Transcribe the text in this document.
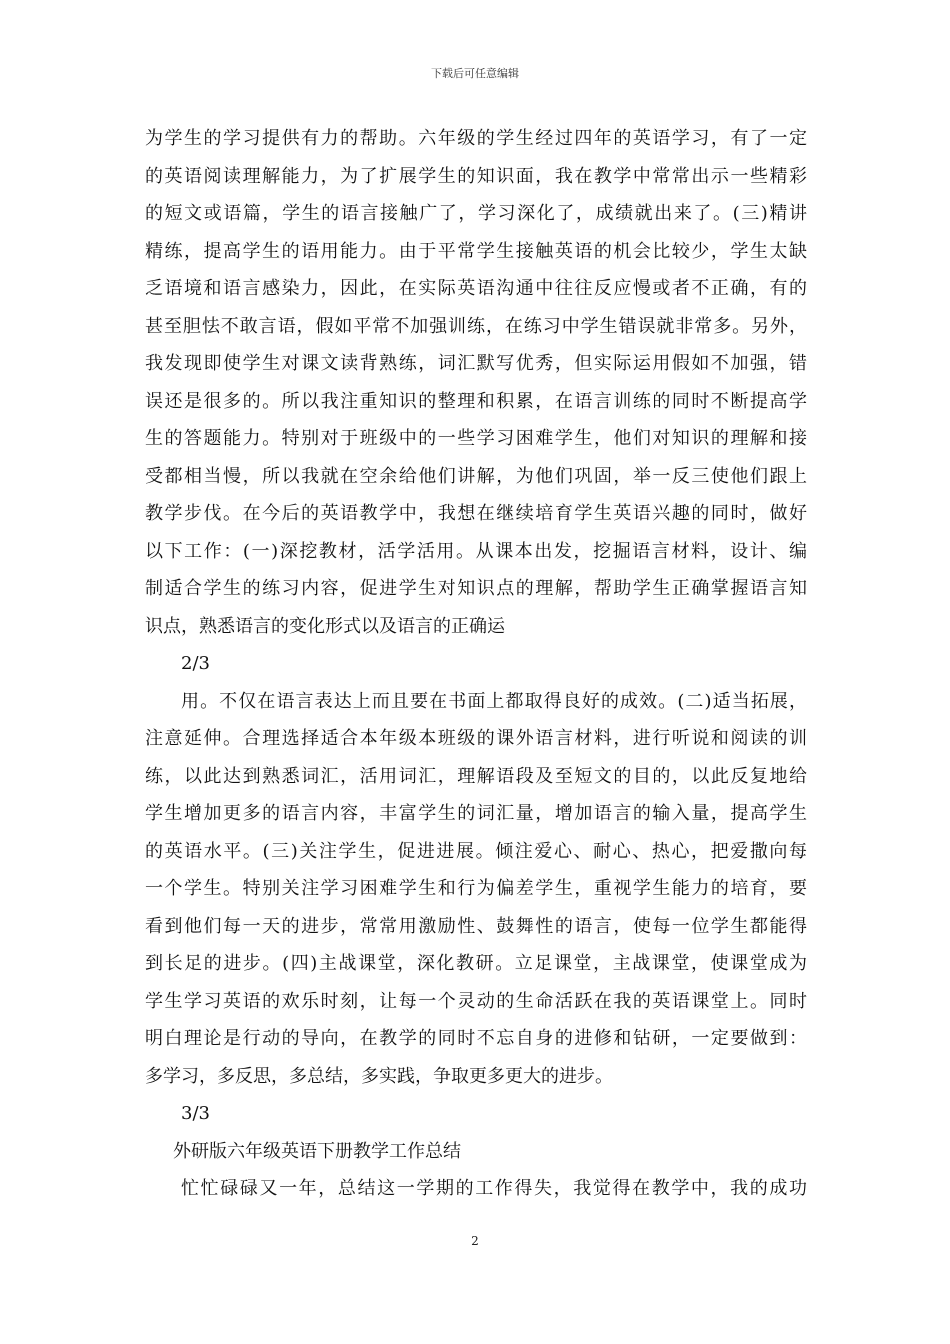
下载后可任意编辑
为学生的学习提供有力的帮助。六年级的学生经过四年的英语学习，有了一定
的英语阅读理解能力，为了扩展学生的知识面，我在教学中常常出示一些精彩
的短文或语篇，学生的语言接触广了，学习深化了，成绩就出来了。(三)精讲
精练，提高学生的语用能力。由于平常学生接触英语的机会比较少，学生太缺
乏语境和语言感染力，因此，在实际英语沟通中往往反应慢或者不正确，有的
甚至胆怯不敢言语，假如平常不加强训练，在练习中学生错误就非常多。另外，
我发现即使学生对课文读背熟练，词汇默写优秀，但实际运用假如不加强，错
误还是很多的。所以我注重知识的整理和积累，在语言训练的同时不断提高学
生的答题能力。特别对于班级中的一些学习困难学生，他们对知识的理解和接
受都相当慢，所以我就在空余给他们讲解，为他们巩固，举一反三使他们跟上
教学步伐。在今后的英语教学中，我想在继续培育学生英语兴趣的同时，做好
以下工作：(一)深挖教材，活学活用。从课本出发，挖掘语言材料，设计、编
制适合学生的练习内容，促进学生对知识点的理解，帮助学生正确掌握语言知
识点，熟悉语言的变化形式以及语言的正确运
2/3
用。不仅在语言表达上而且要在书面上都取得良好的成效。(二)适当拓展，
注意延伸。合理选择适合本年级本班级的课外语言材料，进行听说和阅读的训
练，以此达到熟悉词汇，活用词汇，理解语段及至短文的目的，以此反复地给
学生增加更多的语言内容，丰富学生的词汇量，增加语言的输入量，提高学生
的英语水平。(三)关注学生，促进进展。倾注爱心、耐心、热心，把爱撒向每
一个学生。特别关注学习困难学生和行为偏差学生，重视学生能力的培育，要
看到他们每一天的进步，常常用激励性、鼓舞性的语言，使每一位学生都能得
到长足的进步。(四)主战课堂，深化教研。立足课堂，主战课堂，使课堂成为
学生学习英语的欢乐时刻，让每一个灵动的生命活跃在我的英语课堂上。同时
明白理论是行动的导向，在教学的同时不忘自身的进修和钻研，一定要做到：
多学习，多反思，多总结，多实践，争取更多更大的进步。
3/3
外研版六年级英语下册教学工作总结
忙忙碌碌又一年，总结这一学期的工作得失，我觉得在教学中，我的成功
2
